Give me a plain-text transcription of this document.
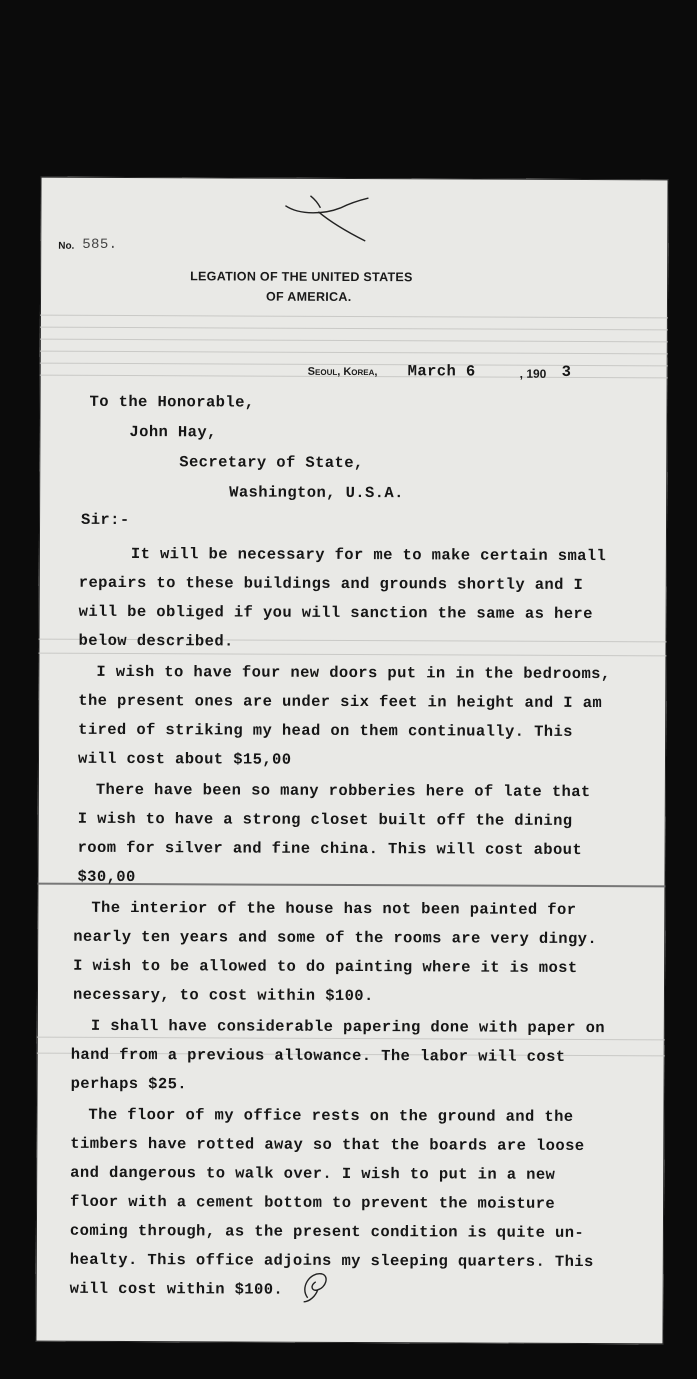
No. 585.
LEGATION OF THE UNITED STATES
OF AMERICA.
Seoul, Korea, March 6	, 190 3
To the Honorable,
John Hay,
Secretary of State,
Washington, U.S.A.
Sir:-
It will be necessary for me to make certain small
repairs to these buildings and grounds shortly and I
will be obliged if you will sanction the same as here
below described.
I wish to have four new doors put in in the bedrooms,
the present ones are under six feet in height and I am
tired of striking my head on them continually. This
will cost about $15,00
There have been so many robberies here of late that
I wish to have a strong closet built off the dining
room for silver and fine china. This will cost about
$30,00
The interior of the house has not been painted for
nearly ten years and some of the rooms are very dingy.
I wish to be allowed to do painting where it is most
necessary, to cost within $100.
I shall have considerable papering done with paper on
hand from a previous allowance. The labor will cost
perhaps $25.
The floor of my office rests on the ground and the
timbers have rotted away so that the boards are loose
and dangerous to walk over. I wish to put in a new
floor with a cement bottom to prevent the moisture
coming through, as the present condition is quite un-
healty. This office adjoins my sleeping quarters. This
will cost within $100.
